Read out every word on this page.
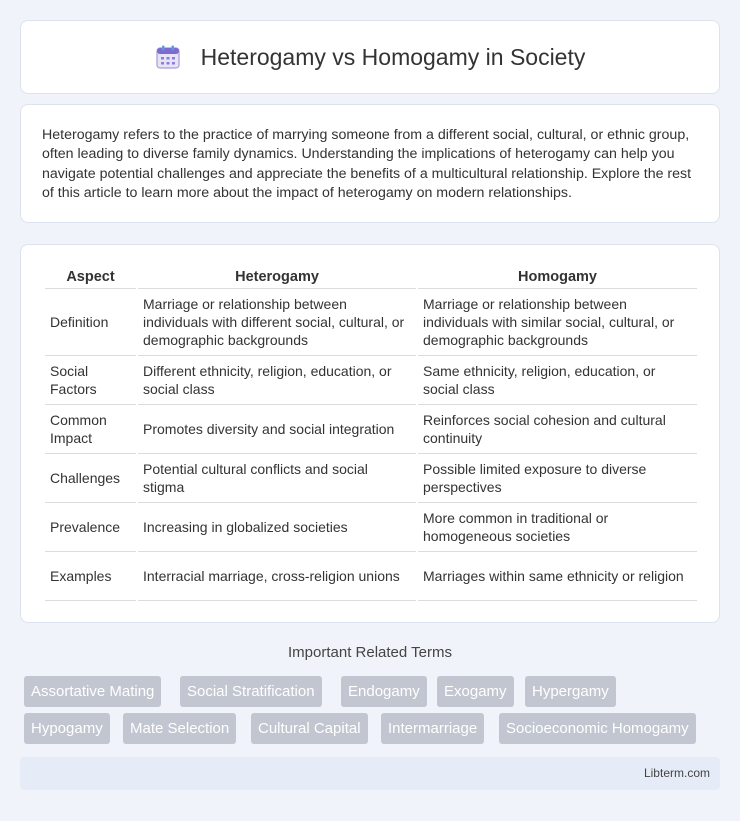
Heterogamy vs Homogamy in Society

Heterogamy refers to the practice of marrying someone from a different social, cultural, or ethnic group, often leading to diverse family dynamics. Understanding the implications of heterogamy can help you navigate potential challenges and appreciate the benefits of a multicultural relationship. Explore the rest of this article to learn more about the impact of heterogamy on modern relationships.

Aspect	Heterogamy	Homogamy
Definition	Marriage or relationship between individuals with different social, cultural, or demographic backgrounds	Marriage or relationship between individuals with similar social, cultural, or demographic backgrounds
Social Factors	Different ethnicity, religion, education, or social class	Same ethnicity, religion, education, or social class
Common Impact	Promotes diversity and social integration	Reinforces social cohesion and cultural continuity
Challenges	Potential cultural conflicts and social stigma	Possible limited exposure to diverse perspectives
Prevalence	Increasing in globalized societies	More common in traditional or homogeneous societies
Examples	Interracial marriage, cross-religion unions	Marriages within same ethnicity or religion
Important Related Terms
Assortative Mating	Social Stratification	Endogamy	Exogamy	Hypergamy
Hypogamy	Mate Selection	Cultural Capital	Intermarriage	Socioeconomic Homogamy
Libterm.com
